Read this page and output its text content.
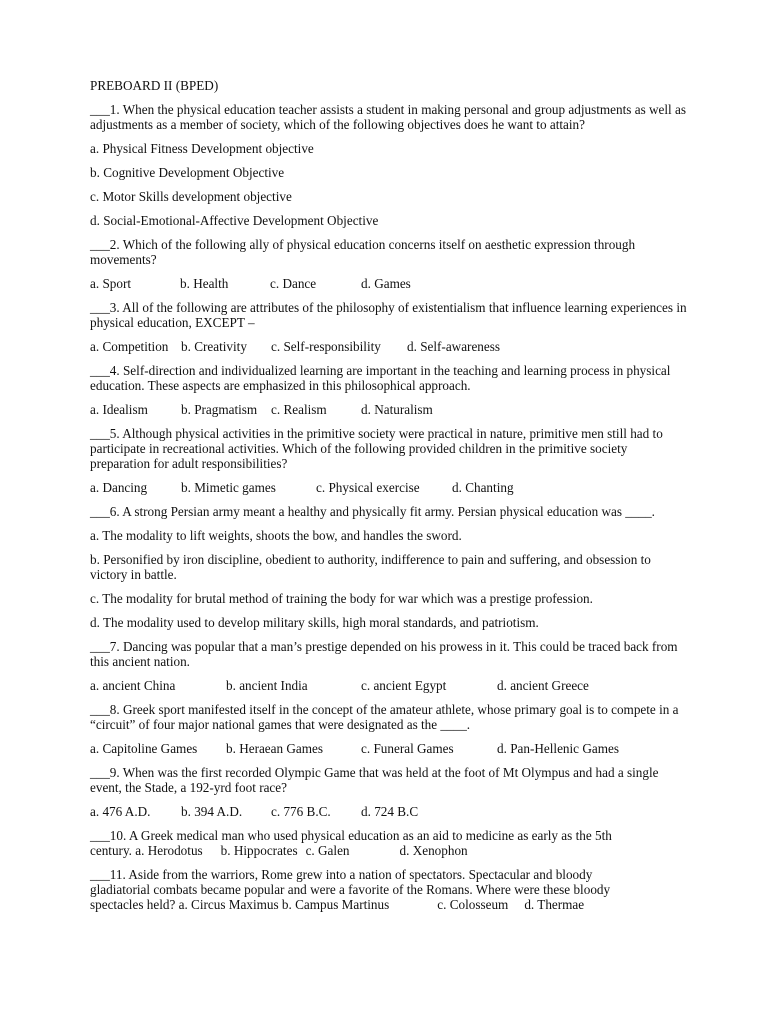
PREBOARD II (BPED)

___1. When the physical education teacher assists a student in making personal and group adjustments as well as adjustments as a member of society, which of the following objectives does he want to attain?

a. Physical Fitness Development objective

b. Cognitive Development Objective

c. Motor Skills development objective

d. Social-Emotional-Affective Development Objective

___2. Which of the following ally of physical education concerns itself on aesthetic expression through movements?

a. Sport	b. Health	c. Dance	d. Games

___3. All of the following are attributes of the philosophy of existentialism that influence learning experiences in physical education, EXCEPT –

a. Competition b. Creativity	c. Self-responsibility	d. Self-awareness

___4. Self-direction and individualized learning are important in the teaching and learning process in physical education. These aspects are emphasized in this philosophical approach.

a. Idealism	b. Pragmatism	c. Realism	d. Naturalism

___5. Although physical activities in the primitive society were practical in nature, primitive men still had to participate in recreational activities. Which of the following provided children in the primitive society preparation for adult responsibilities?

a. Dancing	b. Mimetic games	c. Physical exercise	d. Chanting

___6. A strong Persian army meant a healthy and physically fit army. Persian physical education was ____.

a. The modality to lift weights, shoots the bow, and handles the sword.

b. Personified by iron discipline, obedient to authority, indifference to pain and suffering, and obsession to victory in battle.

c. The modality for brutal method of training the body for war which was a prestige profession.

d. The modality used to develop military skills, high moral standards, and patriotism.

___7. Dancing was popular that a man’s prestige depended on his prowess in it. This could be traced back from this ancient nation.

a. ancient China	b. ancient India	c. ancient Egypt	d. ancient Greece

___8. Greek sport manifested itself in the concept of the amateur athlete, whose primary goal is to compete in a “circuit” of four major national games that were designated as the ____.

a. Capitoline Games	b. Heraean Games	c. Funeral Games	d. Pan-Hellenic Games

___9. When was the first recorded Olympic Game that was held at the foot of Mt Olympus and had a single event, the Stade, a 192-yrd foot race?

a. 476 A.D.	b. 394 A.D.	c. 776 B.C.	d. 724 B.C
___10. A Greek medical man who used physical education as an aid to medicine as early as the 5th
century. a. Herodotus b. Hippocrates c. Galen	d. Xenophon
___11. Aside from the warriors, Rome grew into a nation of spectators. Spectacular and bloody
gladiatorial combats became popular and were a favorite of the Romans. Where were these bloody
spectacles held? a. Circus Maximus b. Campus Martinus	c. Colosseum d. Thermae
